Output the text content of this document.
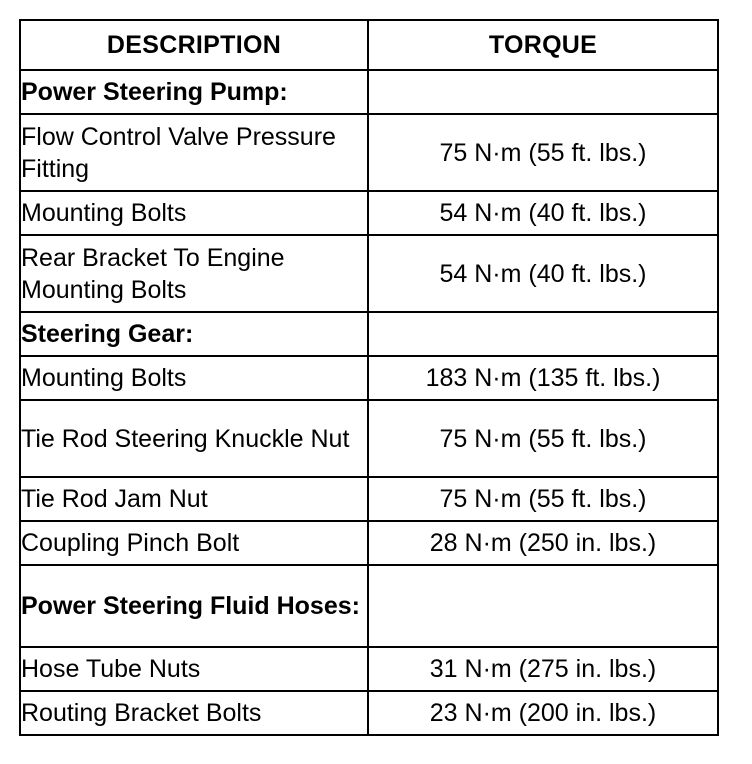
DESCRIPTION	TORQUE
Power Steering Pump:	
Flow Control Valve Pressure Fitting	75 N·m (55 ft. lbs.)
Mounting Bolts	54 N·m (40 ft. lbs.)
Rear Bracket To Engine Mounting Bolts	54 N·m (40 ft. lbs.)
Steering Gear:	
Mounting Bolts	183 N·m (135 ft. lbs.)
Tie Rod Steering Knuckle Nut	75 N·m (55 ft. lbs.)
Tie Rod Jam Nut	75 N·m (55 ft. lbs.)
Coupling Pinch Bolt	28 N·m (250 in. lbs.)
Power Steering Fluid Hoses:	
Hose Tube Nuts	31 N·m (275 in. lbs.)
Routing Bracket Bolts	23 N·m (200 in. lbs.)
